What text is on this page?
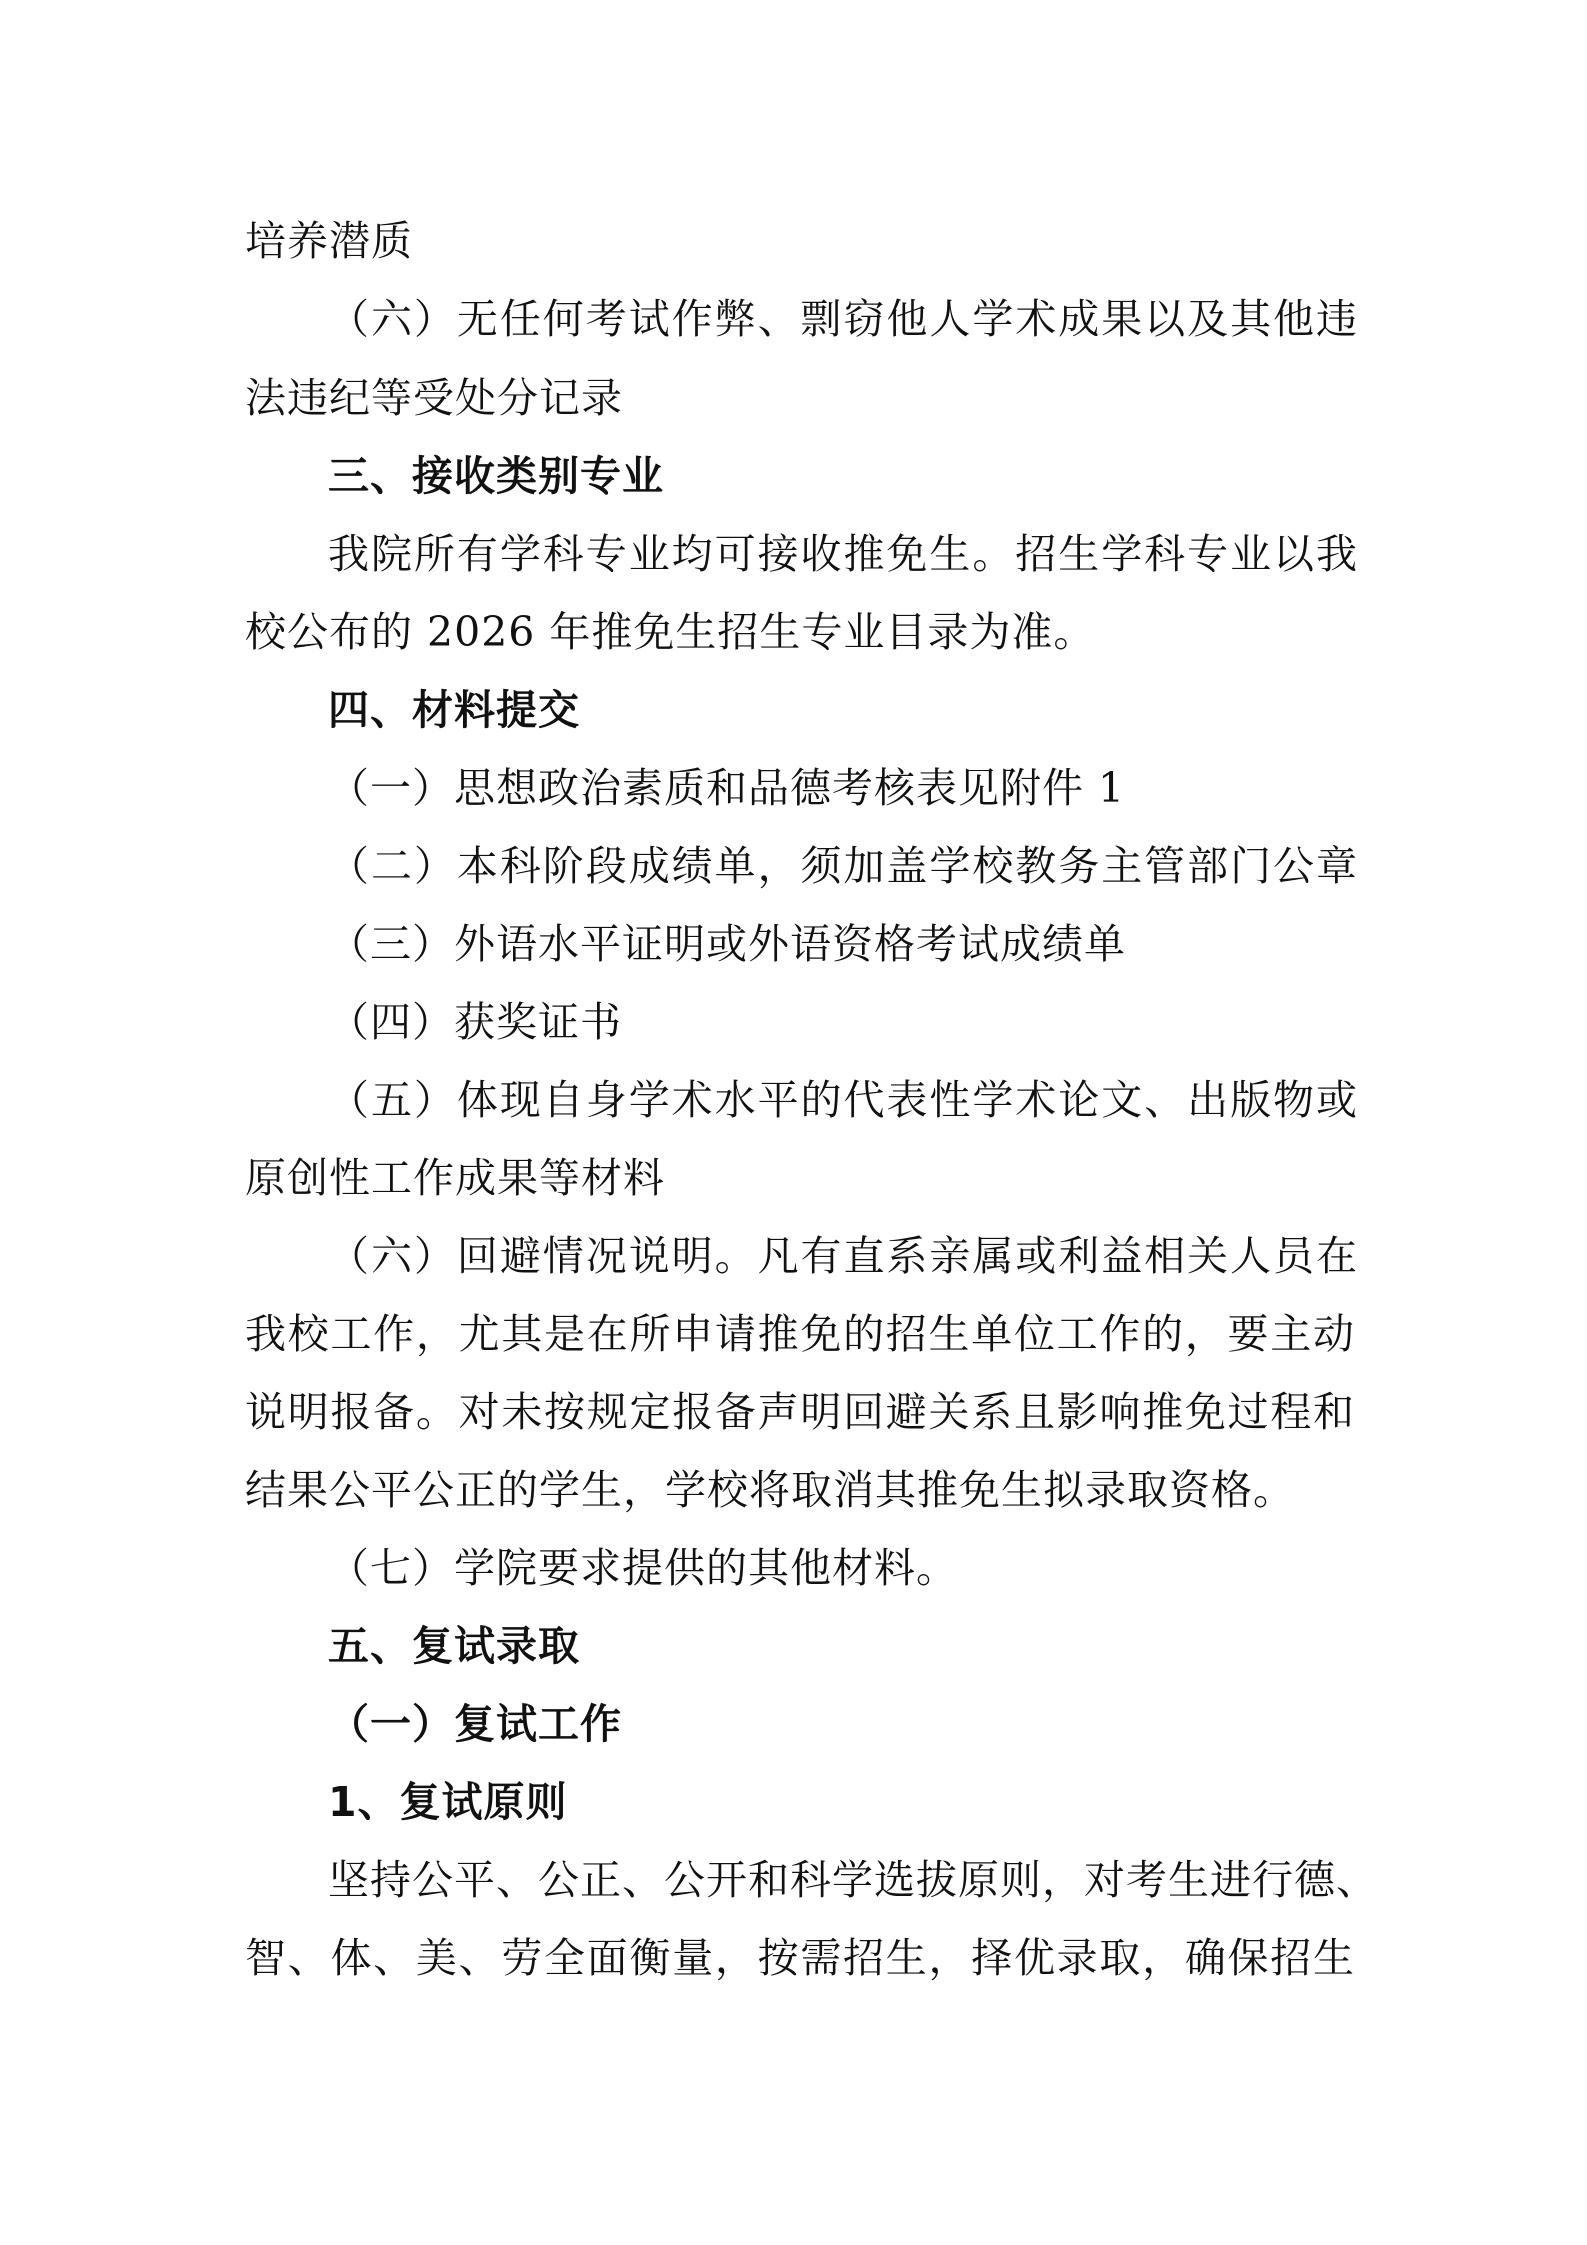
培养潜质
（六）无任何考试作弊、剽窃他人学术成果以及其他违
法违纪等受处分记录
三、接收类别专业
我院所有学科专业均可接收推免生。招生学科专业以我
校公布的 2026 年推免生招生专业目录为准。
四、材料提交
（一）思想政治素质和品德考核表见附件 1
（二）本科阶段成绩单，须加盖学校教务主管部门公章
（三）外语水平证明或外语资格考试成绩单
（四）获奖证书
（五）体现自身学术水平的代表性学术论文、出版物或
原创性工作成果等材料
（六）回避情况说明。凡有直系亲属或利益相关人员在
我校工作，尤其是在所申请推免的招生单位工作的，要主动
说明报备。对未按规定报备声明回避关系且影响推免过程和
结果公平公正的学生，学校将取消其推免生拟录取资格。
（七）学院要求提供的其他材料。
五、复试录取
（一）复试工作
1、复试原则
坚持公平、公正、公开和科学选拔原则，对考生进行德、
智、体、美、劳全面衡量，按需招生，择优录取，确保招生
